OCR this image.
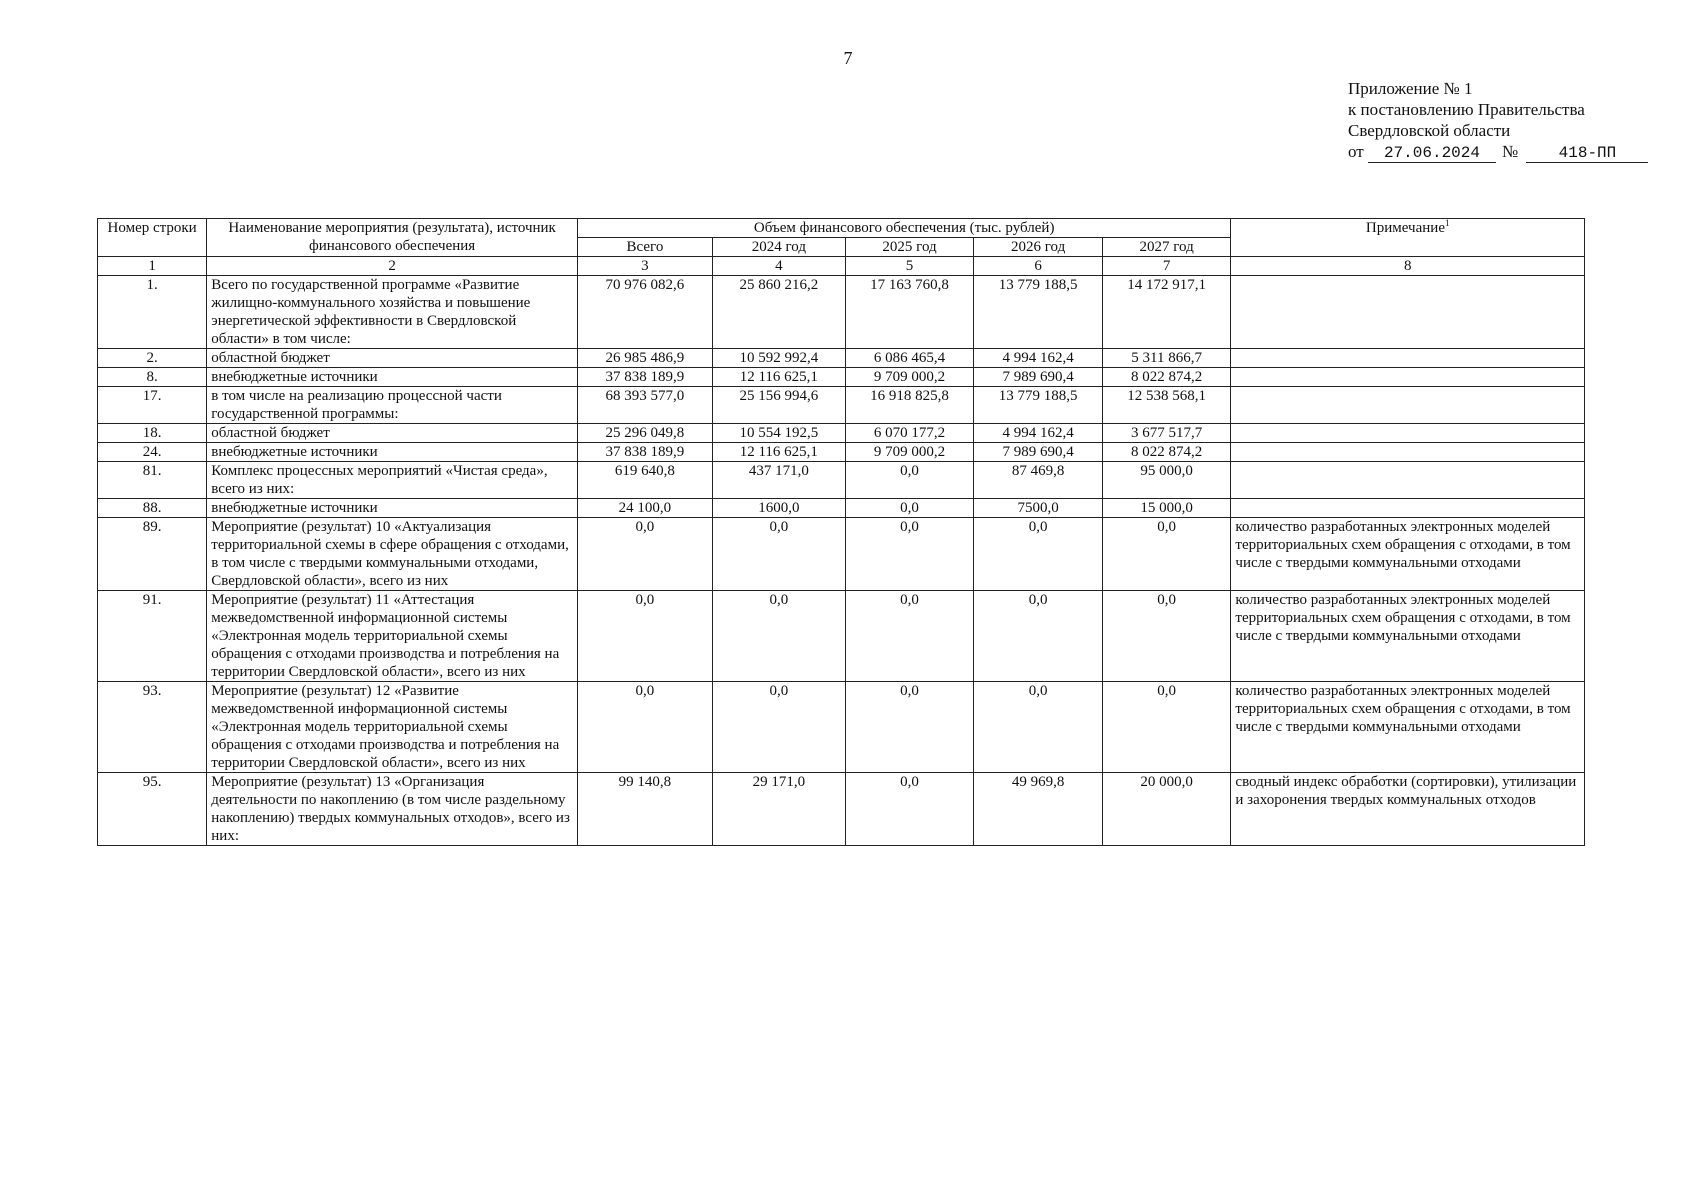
7
Приложение № 1
к постановлению Правительства
Свердловской области
от 27.06.2024 №	418-ПП
Номер строки	Наименование мероприятия (результата), источник финансового обеспечения	Объем финансового обеспечения (тыс. рублей)					Примечание$^1$
		Всего	2024 год	2025 год	2026 год	2027 год	
1	2	3	4	5	6	7	8
1.	Всего по государственной программе «Развитие жилищно-коммунального хозяйства и повышение энергетической эффективности в Свердловской области» в том числе:	70 976 082,6	25 860 216,2	17 163 760,8	13 779 188,5	14 172 917,1	
2.	областной бюджет	26 985 486,9	10 592 992,4	6 086 465,4	4 994 162,4	5 311 866,7	
8.	внебюджетные источники	37 838 189,9	12 116 625,1	9 709 000,2	7 989 690,4	8 022 874,2	
17.	в том числе на реализацию процессной части государственной программы:	68 393 577,0	25 156 994,6	16 918 825,8	13 779 188,5	12 538 568,1	
18.	областной бюджет	25 296 049,8	10 554 192,5	6 070 177,2	4 994 162,4	3 677 517,7	
24.	внебюджетные источники	37 838 189,9	12 116 625,1	9 709 000,2	7 989 690,4	8 022 874,2	
81.	Комплекс процессных мероприятий «Чистая среда», всего из них:	619 640,8	437 171,0	0,0	87 469,8	95 000,0	
88.	внебюджетные источники	24 100,0	1600,0	0,0	7500,0	15 000,0	
89.	Мероприятие (результат) 10 «Актуализация территориальной схемы в сфере обращения с отходами, в том числе с твердыми коммунальными отходами, Свердловской области», всего из них	0,0	0,0	0,0	0,0	0,0	количество разработанных электронных моделей территориальных схем обращения с отходами, в том числе с твердыми коммунальными отходами
91.	Мероприятие (результат) 11 «Аттестация межведомственной информационной системы «Электронная модель территориальной схемы обращения с отходами производства и потребления на территории Свердловской области», всего из них	0,0	0,0	0,0	0,0	0,0	количество разработанных электронных моделей территориальных схем обращения с отходами, в том числе с твердыми коммунальными отходами
93.	Мероприятие (результат) 12 «Развитие межведомственной информационной системы «Электронная модель территориальной схемы обращения с отходами производства и потребления на территории Свердловской области», всего из них	0,0	0,0	0,0	0,0	0,0	количество разработанных электронных моделей территориальных схем обращения с отходами, в том числе с твердыми коммунальными отходами
95.	Мероприятие (результат) 13 «Организация деятельности по накоплению (в том числе раздельному накоплению) твердых коммунальных отходов», всего из них:	99 140,8	29 171,0	0,0	49 969,8	20 000,0	сводный индекс обработки (сортировки), утилизации и захоронения твердых коммунальных отходов
